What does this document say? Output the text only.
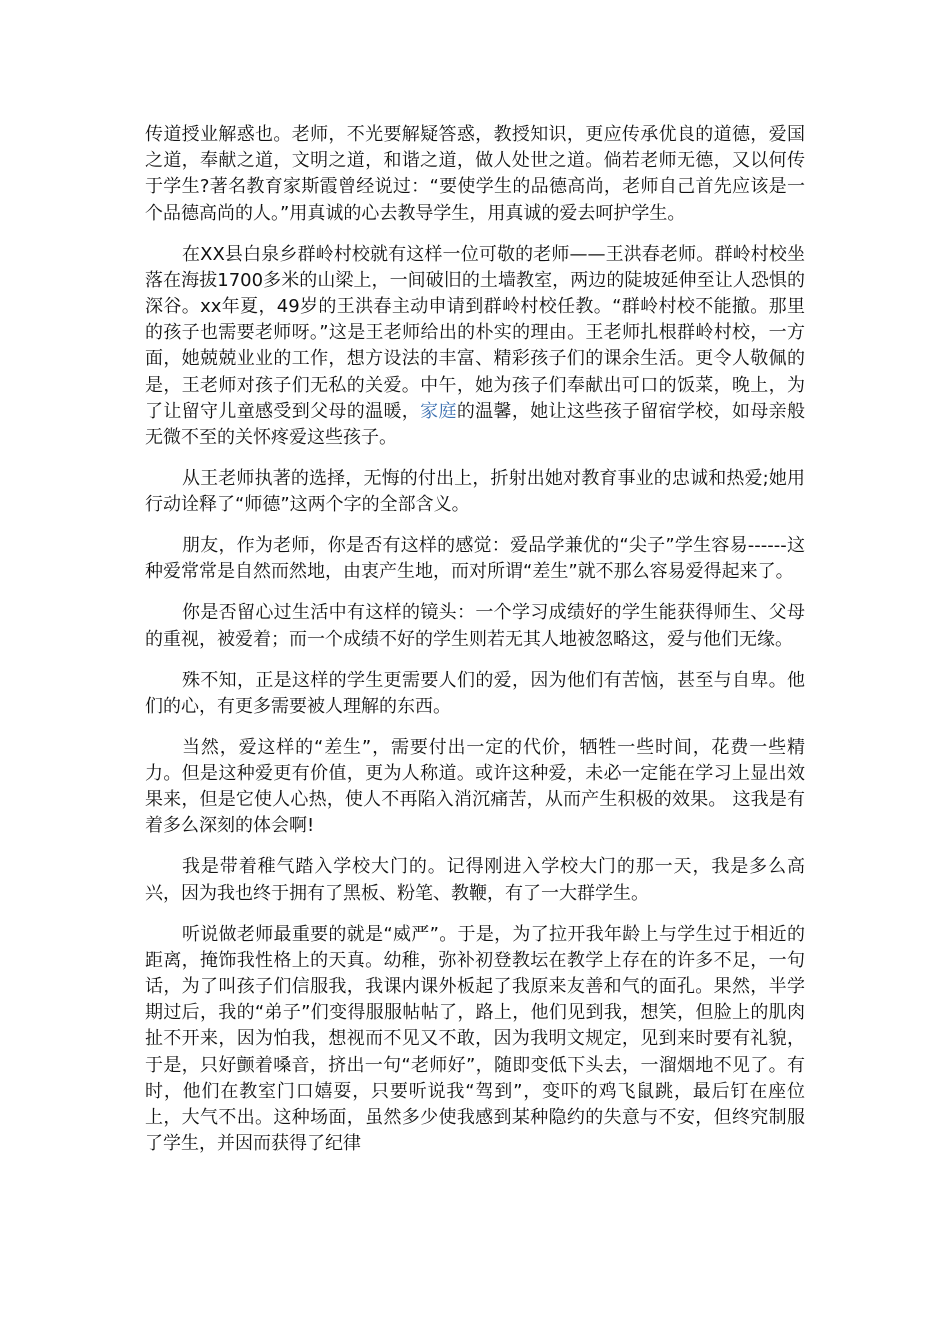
传道授业解惑也。老师，不光要解疑答惑，教授知识，更应传承优良的道德，爱国之道，奉献之道，文明之道，和谐之道，做人处世之道。倘若老师无德，又以何传于学生?著名教育家斯霞曾经说过：“要使学生的品德高尚，老师自己首先应该是一个品德高尚的人。”用真诚的心去教导学生，用真诚的爱去呵护学生。

在XX县白泉乡群岭村校就有这样一位可敬的老师——王洪春老师。群岭村校坐落在海拔1700多米的山梁上，一间破旧的土墙教室，两边的陡坡延伸至让人恐惧的深谷。xx年夏，49岁的王洪春主动申请到群岭村校任教。“群岭村校不能撤。那里的孩子也需要老师呀。”这是王老师给出的朴实的理由。王老师扎根群岭村校，一方面，她兢兢业业的工作，想方设法的丰富、精彩孩子们的课余生活。更令人敬佩的是，王老师对孩子们无私的关爱。中午，她为孩子们奉献出可口的饭菜，晚上，为了让留守儿童感受到父母的温暖，家庭的温馨，她让这些孩子留宿学校，如母亲般无微不至的关怀疼爱这些孩子。

从王老师执著的选择，无悔的付出上，折射出她对教育事业的忠诚和热爱;她用行动诠释了“师德”这两个字的全部含义。

朋友，作为老师，你是否有这样的感觉：爱品学兼优的“尖子”学生容易------这种爱常常是自然而然地，由衷产生地，而对所谓“差生”就不那么容易爱得起来了。

你是否留心过生活中有这样的镜头：一个学习成绩好的学生能获得师生、父母的重视，被爱着；而一个成绩不好的学生则若无其人地被忽略这，爱与他们无缘。

殊不知，正是这样的学生更需要人们的爱，因为他们有苦恼，甚至与自卑。他们的心，有更多需要被人理解的东西。

当然，爱这样的“差生”，需要付出一定的代价，牺牲一些时间，花费一些精力。但是这种爱更有价值，更为人称道。或许这种爱，未必一定能在学习上显出效果来，但是它使人心热，使人不再陷入消沉痛苦，从而产生积极的效果。 这我是有着多么深刻的体会啊!

我是带着稚气踏入学校大门的。记得刚进入学校大门的那一天，我是多么高兴，因为我也终于拥有了黑板、粉笔、教鞭，有了一大群学生。

听说做老师最重要的就是“威严”。于是，为了拉开我年龄上与学生过于相近的距离，掩饰我性格上的天真。幼稚，弥补初登教坛在教学上存在的许多不足，一句话，为了叫孩子们信服我，我课内课外板起了我原来友善和气的面孔。果然，半学期过后，我的“弟子”们变得服服帖帖了，路上，他们见到我，想笑，但脸上的肌肉扯不开来，因为怕我，想视而不见又不敢，因为我明文规定，见到来时要有礼貌，于是，只好颤着嗓音，挤出一句“老师好”，随即变低下头去，一溜烟地不见了。有时，他们在教室门口嬉耍，只要听说我“驾到”，变吓的鸡飞鼠跳，最后钉在座位上，大气不出。这种场面，虽然多少使我感到某种隐约的失意与不安，但终究制服了学生，并因而获得了纪律
